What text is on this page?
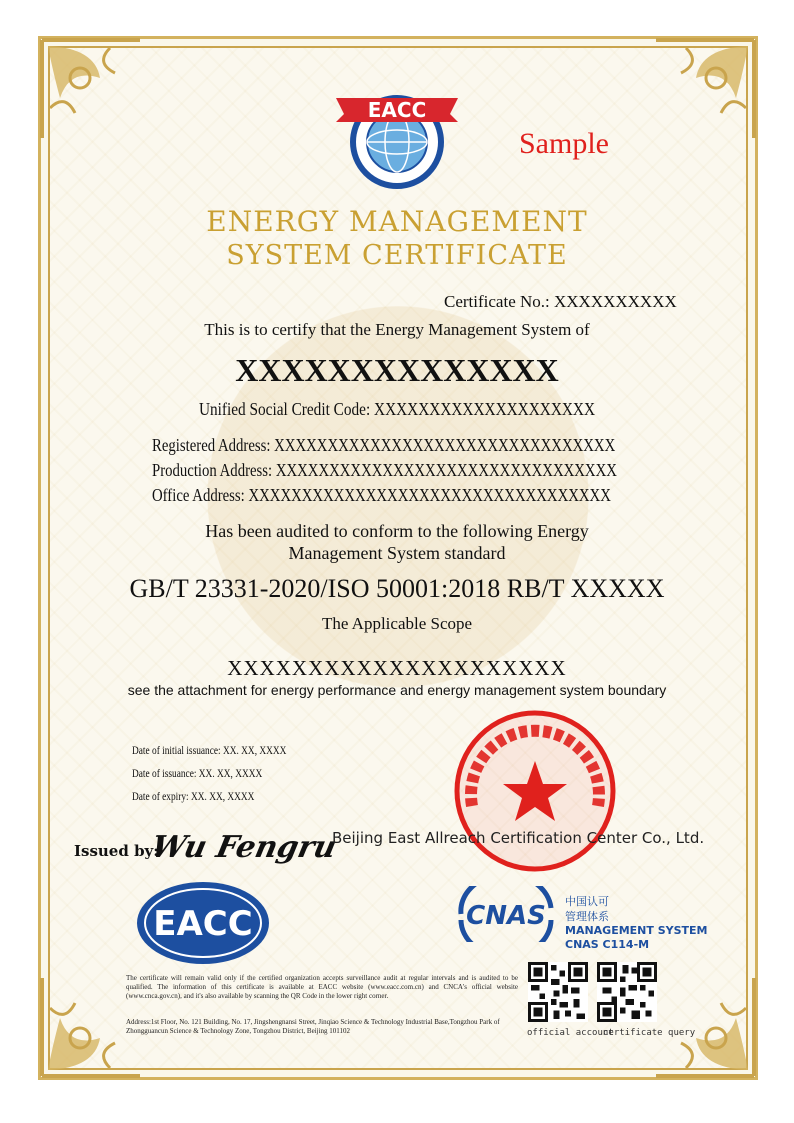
EACC
Sample
ENERGY MANAGEMENT
SYSTEM CERTIFICATE
Certificate No.: XXXXXXXXXX
This is to certify that the Energy Management System of
XXXXXXXXXXXXXX
Unified Social Credit Code: XXXXXXXXXXXXXXXXXXXX
Registered Address: XXXXXXXXXXXXXXXXXXXXXXXXXXXXXXXX
Production Address: XXXXXXXXXXXXXXXXXXXXXXXXXXXXXXXX
Office Address: XXXXXXXXXXXXXXXXXXXXXXXXXXXXXXXXXX
Has been audited to conform to the following Energy
Management System standard
GB/T 23331-2020/ISO 50001:2018 RB/T XXXXX
The Applicable Scope
XXXXXXXXXXXXXXXXXXXXX
see the attachment for energy performance and energy management system boundary
Date of initial issuance: XX. XX, XXXX
Date of issuance: XX. XX, XXXX
Date of expiry: XX. XX, XXXX
Issued by:
Wu Fengru
Beijing East Allreach Certification Center Co., Ltd.
EACC	CNAS 中国认可
管理体系
MANAGEMENT SYSTEM
CNAS C114-M
The certificate will remain valid only if the certified organization accepts surveillance audit at regular intervals and is audited to be qualified. The information of this certificate is available at EACC website (www.eacc.com.cn) and CNCA's official website (www.cnca.gov.cn), and it's also available by scanning the QR Code in the lower right corner.
Address:1st Floor, No. 121 Building, No. 17, Jingshengnansi Street, Jinqiao Science & Technology Industrial Base,Tongzhou Park of Zhongguancun Science & Technology Zone, Tongzhou District, Beijing 101102	official account
certificate query
